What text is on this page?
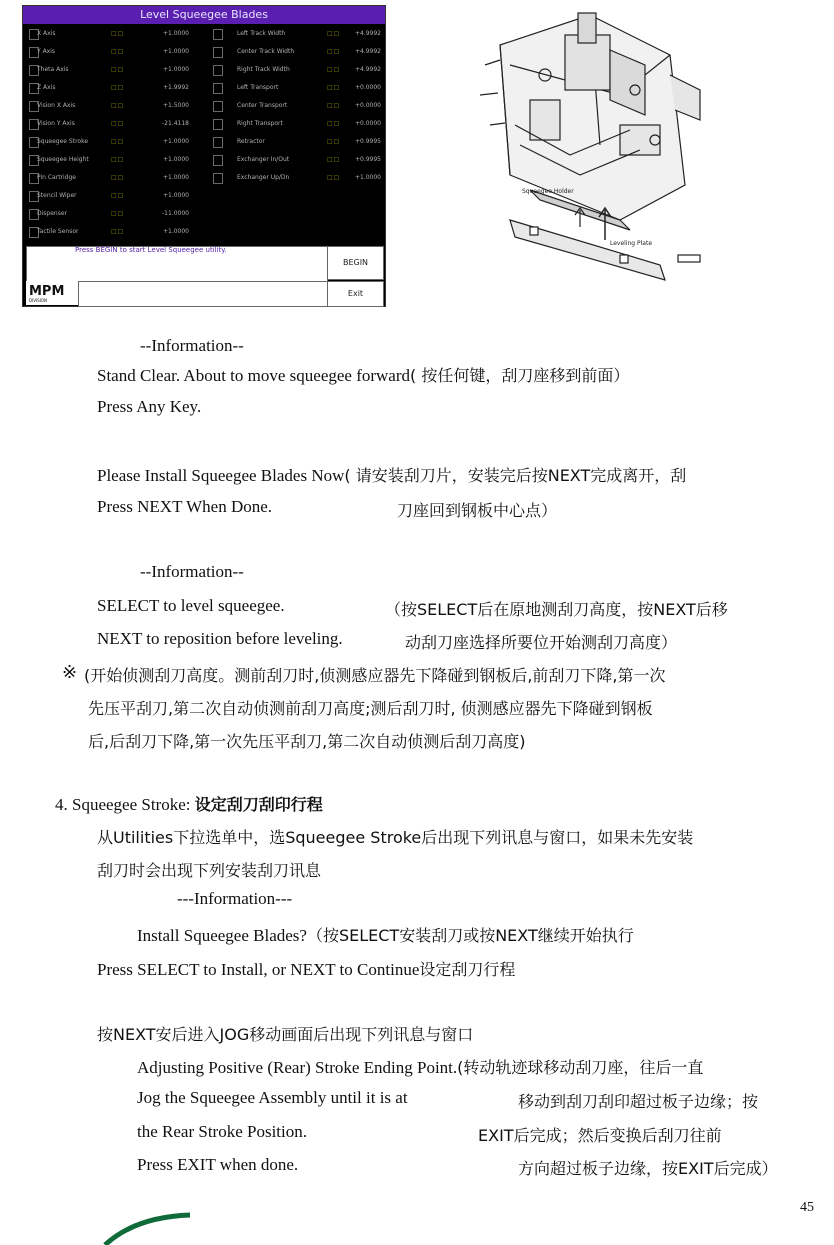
Level Squeegee Blades
X Axis	□□	+1.0000
Y Axis	□□	+1.0000
Theta Axis	□□	+1.0000
Z Axis	□□	+1.9992
Vision X Axis	□□	+1.5000
Vision Y Axis	□□	-21.4118
Squeegee Stroke	□□	+1.0000
Squeegee Height	□□	+1.0000
Pin Cartridge	□□	+1.0000
Stencil Wiper	□□	+1.0000
Dispenser	□□	-11.0000
Tactile Sensor	□□	+1.0000
Left Track Width	□□	+4.9992
Center Track Width	□□	+4.9992
Right Track Width	□□	+4.9992
Left Transport	□□	+0.0000
Center Transport	□□	+0.0000
Right Transport	□□	+0.0000
Retractor	□□	+0.9995
Exchanger In/Out	□□	+0.9995
Exchanger Up/Dn	□□	+1.0000
Press BEGIN to start Level Squeegee utility.
MPM
DIVISION
BEGIN
Exit
Squeegee Holder
Leveling Plate
--Information--
Stand Clear. About to move squeegee forward( 按任何键，刮刀座移到前面）
Press Any Key.
Please Install Squeegee Blades Now( 请安装刮刀片，安装完后按NEXT完成离开，刮
Press NEXT When Done.	刀座回到钢板中心点）
--Information--
SELECT to level squeegee.	（按SELECT后在原地测刮刀高度，按NEXT后移
NEXT to reposition before leveling.	动刮刀座选择所要位开始测刮刀高度）
※ (开始侦测刮刀高度。测前刮刀时,侦测感应器先下降碰到钢板后,前刮刀下降,第一次
先压平刮刀,第二次自动侦测前刮刀高度;测后刮刀时, 侦测感应器先下降碰到钢板
后,后刮刀下降,第一次先压平刮刀,第二次自动侦测后刮刀高度)
4. Squeegee Stroke: 设定刮刀刮印行程
从Utilities下拉选单中，选Squeegee Stroke后出现下列讯息与窗口，如果未先安装
刮刀时会出现下列安装刮刀讯息
---Information---
Install Squeegee Blades?（按SELECT安装刮刀或按NEXT继续开始执行
Press SELECT to Install, or NEXT to Continue设定刮刀行程
按NEXT安后进入JOG移动画面后出现下列讯息与窗口
Adjusting Positive (Rear) Stroke Ending Point.(转动轨迹球移动刮刀座，往后一直
Jog the Squeegee Assembly until it is at	移动到刮刀刮印超过板子边缘；按
the Rear Stroke Position.	EXIT后完成；然后变换后刮刀往前
Press EXIT when done.	方向超过板子边缘，按EXIT后完成）
45
